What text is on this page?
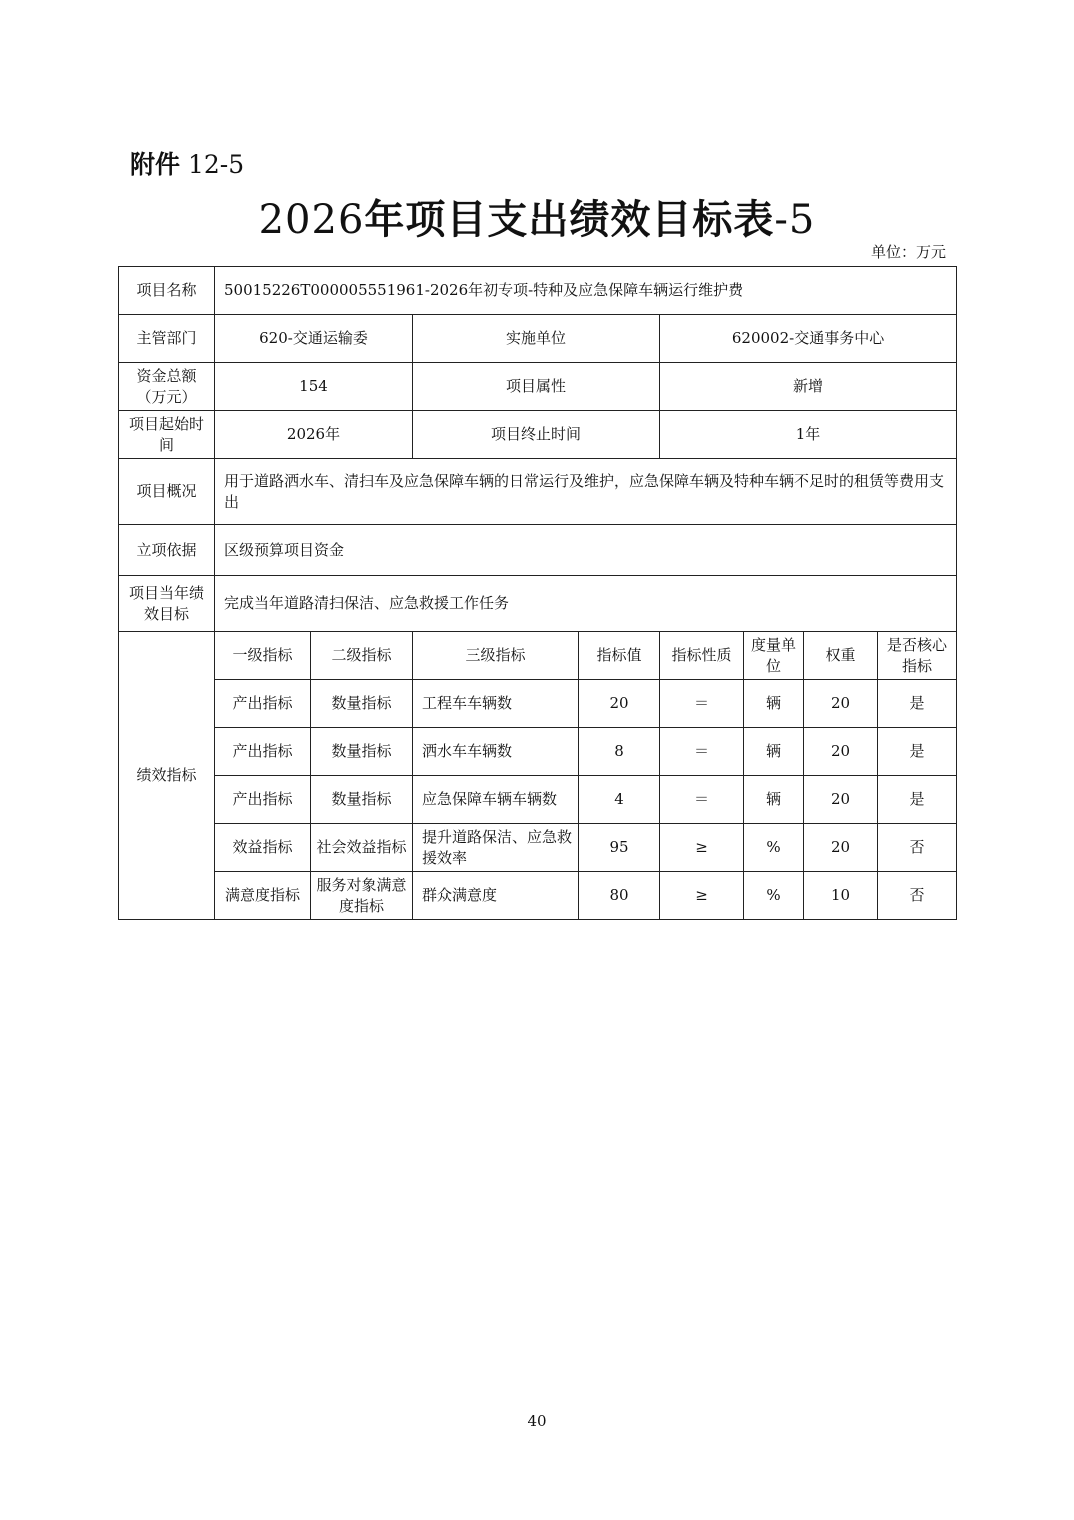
附件 12-5
2026年项目支出绩效目标表-5
单位：万元
项目名称	50015226T000005551961-2026年初专项-特种及应急保障车辆运行维护费							
主管部门	620-交通运输委		实施单位		620002-交通事务中心			
资金总额（万元）	154		项目属性		新增			
项目起始时间	2026年		项目终止时间		1年			
项目概况	用于道路洒水车、清扫车及应急保障车辆的日常运行及维护，应急保障车辆及特种车辆不足时的租赁等费用支出							
立项依据	区级预算项目资金							
项目当年绩效目标	完成当年道路清扫保洁、应急救援工作任务							
绩效指标	一级指标	二级指标	三级指标	指标值	指标性质	度量单位	权重	是否核心指标
	产出指标	数量指标	工程车车辆数	20	＝	辆	20	是
	产出指标	数量指标	洒水车车辆数	8	＝	辆	20	是
	产出指标	数量指标	应急保障车辆车辆数	4	＝	辆	20	是
	效益指标	社会效益指标	提升道路保洁、应急救援效率	95	≥	%	20	否
	满意度指标	服务对象满意度指标	群众满意度	80	≥	%	10	否
40
